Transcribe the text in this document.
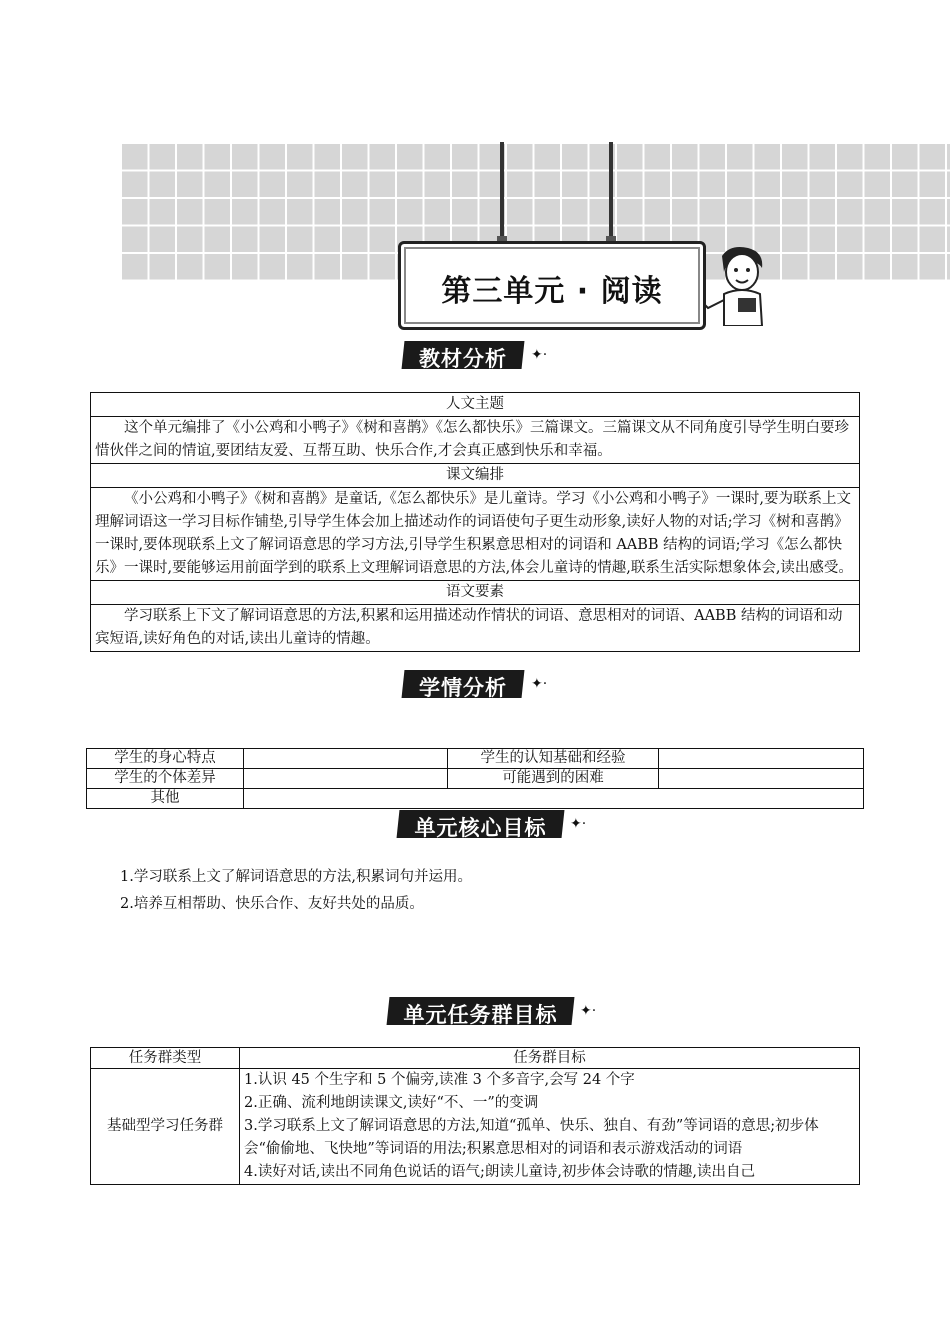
第三单元 · 阅读
教材分析	✦·
人文主题
这个单元编排了《小公鸡和小鸭子》《树和喜鹊》《怎么都快乐》三篇课文。三篇课文从不同角度引导学生明白要珍惜伙伴之间的情谊,要团结友爱、互帮互助、快乐合作,才会真正感到快乐和幸福。
课文编排
《小公鸡和小鸭子》《树和喜鹊》是童话,《怎么都快乐》是儿童诗。学习《小公鸡和小鸭子》一课时,要为联系上文理解词语这一学习目标作铺垫,引导学生体会加上描述动作的词语使句子更生动形象,读好人物的对话;学习《树和喜鹊》一课时,要体现联系上文了解词语意思的学习方法,引导学生积累意思相对的词语和 AABB 结构的词语;学习《怎么都快乐》一课时,要能够运用前面学到的联系上文理解词语意思的方法,体会儿童诗的情趣,联系生活实际想象体会,读出感受。
语文要素
学习联系上下文了解词语意思的方法,积累和运用描述动作情状的词语、意思相对的词语、AABB 结构的词语和动宾短语,读好角色的对话,读出儿童诗的情趣。
学情分析	✦·
学生的身心特点		学生的认知基础和经验	
学生的个体差异		可能遇到的困难	
其他			
单元核心目标	✦·
1.学习联系上文了解词语意思的方法,积累词句并运用。
2.培养互相帮助、快乐合作、友好共处的品质。
单元任务群目标	✦·
任务群类型	任务群目标
基础型学习任务群	1.认识 45 个生字和 5 个偏旁,读准 3 个多音字,会写 24 个字
2.正确、流利地朗读课文,读好“不、一”的变调
3.学习联系上文了解词语意思的方法,知道“孤单、快乐、独自、有劲”等词语的意思;初步体会“偷偷地、飞快地”等词语的用法;积累意思相对的词语和表示游戏活动的词语
4.读好对话,读出不同角色说话的语气;朗读儿童诗,初步体会诗歌的情趣,读出自己
